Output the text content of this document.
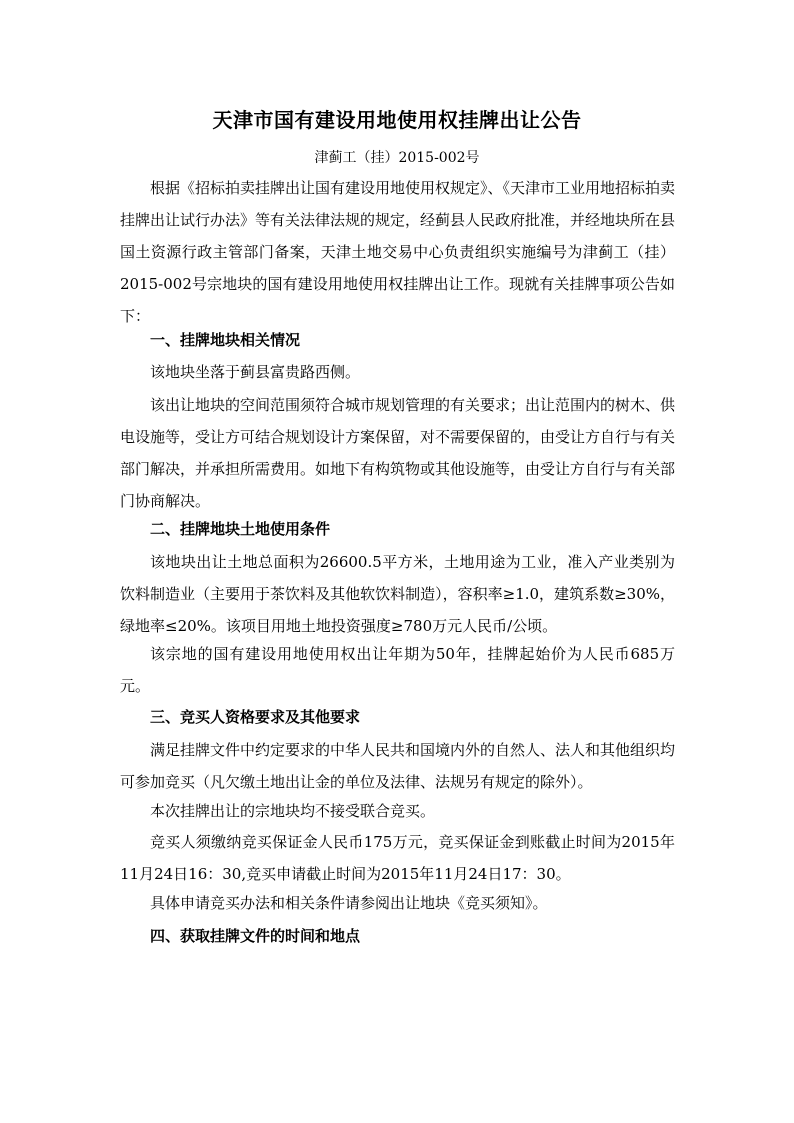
天津市国有建设用地使用权挂牌出让公告
津蓟工（挂）2015-002号

根据《招标拍卖挂牌出让国有建设用地使用权规定》、《天津市工业用地招标拍卖挂牌出让试行办法》等有关法律法规的规定，经蓟县人民政府批准，并经地块所在县国土资源行政主管部门备案，天津土地交易中心负责组织实施编号为津蓟工（挂）2015-002号宗地块的国有建设用地使用权挂牌出让工作。现就有关挂牌事项公告如下：

一、挂牌地块相关情况

该地块坐落于蓟县富贵路西侧。

该出让地块的空间范围须符合城市规划管理的有关要求；出让范围内的树木、供电设施等，受让方可结合规划设计方案保留，对不需要保留的，由受让方自行与有关部门解决，并承担所需费用。如地下有构筑物或其他设施等，由受让方自行与有关部门协商解决。

二、挂牌地块土地使用条件

该地块出让土地总面积为26600.5平方米，土地用途为工业，准入产业类别为饮料制造业（主要用于茶饮料及其他软饮料制造），容积率≥1.0，建筑系数≥30%，绿地率≤20%。该项目用地土地投资强度≥780万元人民币/公顷。

该宗地的国有建设用地使用权出让年期为50年，挂牌起始价为人民币685万元。

三、竞买人资格要求及其他要求

满足挂牌文件中约定要求的中华人民共和国境内外的自然人、法人和其他组织均可参加竞买（凡欠缴土地出让金的单位及法律、法规另有规定的除外）。

本次挂牌出让的宗地块均不接受联合竞买。

竞买人须缴纳竞买保证金人民币175万元，竞买保证金到账截止时间为2015年11月24日16：30,竞买申请截止时间为2015年11月24日17：30。

具体申请竞买办法和相关条件请参阅出让地块《竞买须知》。

四、获取挂牌文件的时间和地点
